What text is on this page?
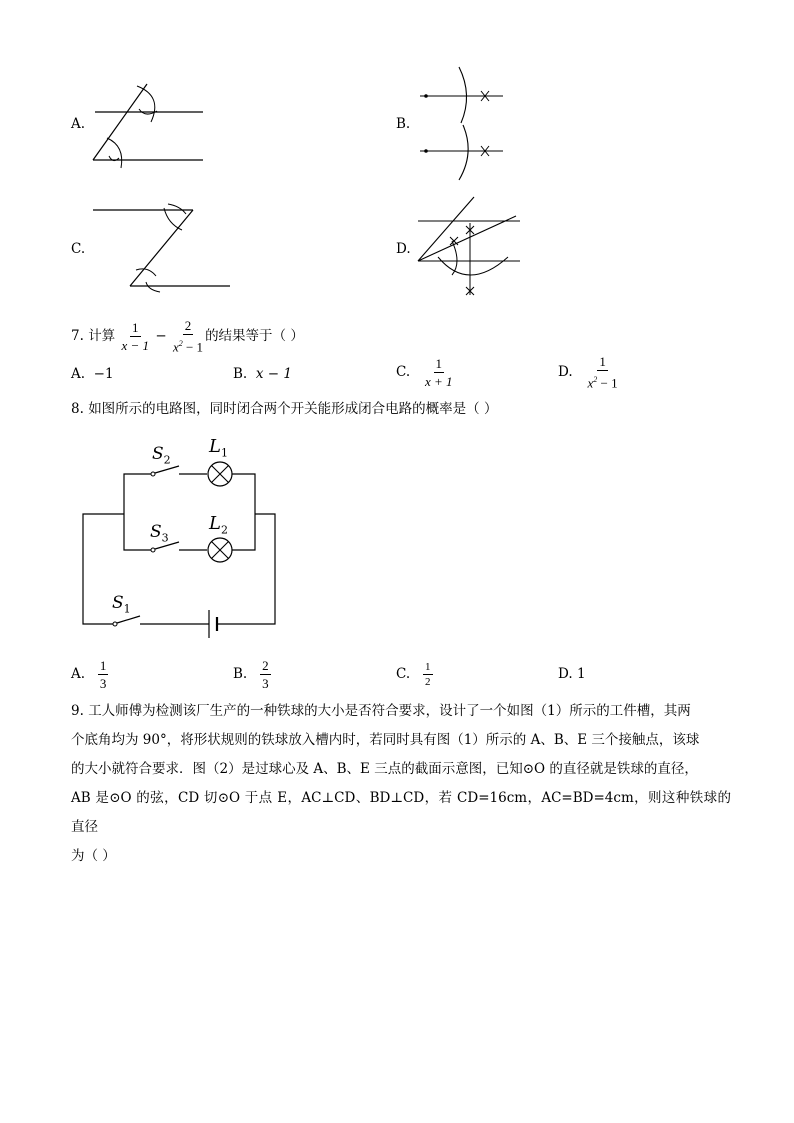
A.	B.
C.	D.
7. 计算 $\frac{1}{x - 1} - \frac{2}{x^2 - 1}$ 的结果等于（ ）
A. −1	B. x − 1	C. $\frac{1}{x + 1}$	D. $\frac{1}{x^2 - 1}$
8. 如图所示的电路图，同时闭合两个开关能形成闭合电路的概率是（ ）
$S_2$
$L_1$
$S_3$
$L_2$
$S_1$
A. $\frac{1}{3}$	B. $\frac{2}{3}$	C. $\frac{1}{2}$	D. 1
9. 工人师傅为检测该厂生产的一种铁球的大小是否符合要求，设计了一个如图（1）所示的工件槽，其两
个底角均为 90°，将形状规则的铁球放入槽内时，若同时具有图（1）所示的 A、B、E 三个接触点，该球
的大小就符合要求．图（2）是过球心及 A、B、E 三点的截面示意图，已知⊙O 的直径就是铁球的直径，
AB 是⊙O 的弦，CD 切⊙O 于点 E，AC⊥CD、BD⊥CD，若 CD=16cm，AC=BD=4cm，则这种铁球的直径
为（ ）
